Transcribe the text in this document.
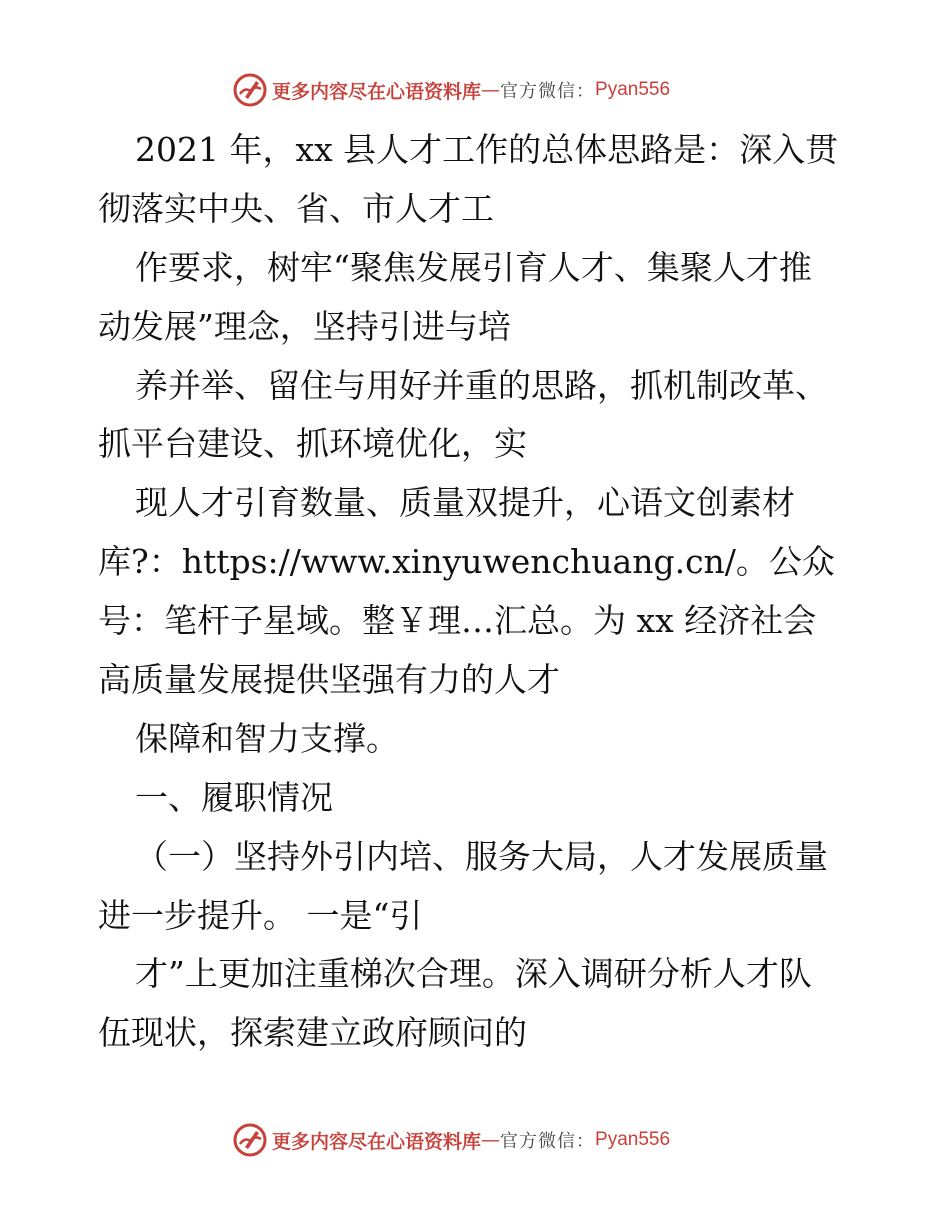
更多内容尽在心语资料库 — 官方微信： Pyan556
2021 年，xx 县人才工作的总体思路是：深入贯
彻落实中央、省、市人才工
作要求，树牢“聚焦发展引育人才、集聚人才推
动发展”理念，坚持引进与培
养并举、留住与用好并重的思路，抓机制改革、
抓平台建设、抓环境优化，实
现人才引育数量、质量双提升，心语文创素材
库?：https://www.xinyuwenchuang.cn/。公众
号：笔杆子星域。整￥理…汇总。为 xx 经济社会
高质量发展提供坚强有力的人才
保障和智力支撑。
一、履职情况
（一）坚持外引内培、服务大局，人才发展质量
进一步提升。 一是“引
才”上更加注重梯次合理。深入调研分析人才队
伍现状，探索建立政府顾问的
更多内容尽在心语资料库 — 官方微信： Pyan556
